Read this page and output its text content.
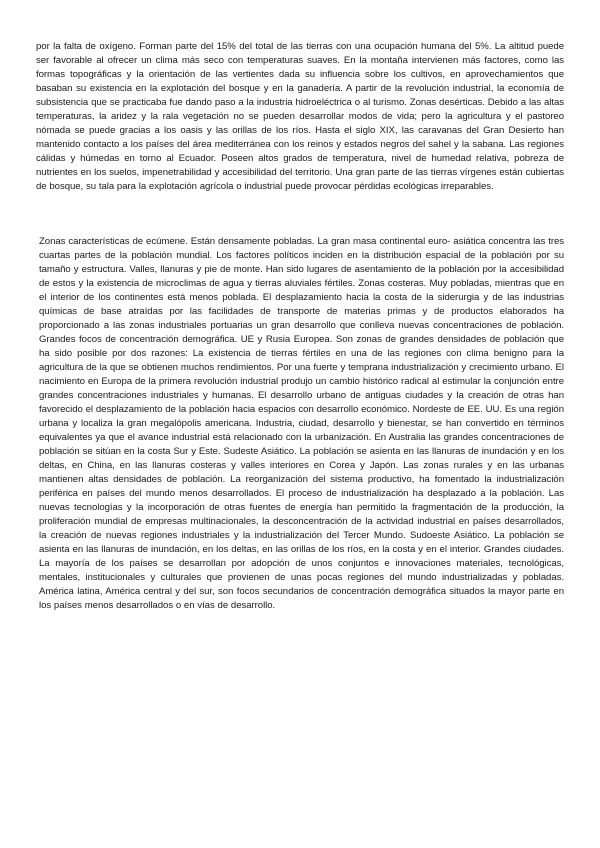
por la falta de oxígeno. Forman parte del 15% del total de las tierras con una ocupación humana del 5%. La altitud puede ser favorable al ofrecer un clima más seco con temperaturas suaves. En la montaña intervienen más factores, como las formas topográficas y la orientación de las vertientes dada su influencia sobre los cultivos, en aprovechamientos que basaban su existencia en la explotación del bosque y en la ganadería. A partir de la revolución industrial, la economía de subsistencia que se practicaba fue dando paso a la industria hidroeléctrica o al turismo. Zonas desérticas. Debido a las altas temperaturas, la aridez y la rala vegetación no se pueden desarrollar modos de vida; pero la agricultura y el pastoreo nómada se puede gracias a los oasis y las orillas de los ríos. Hasta el siglo XIX, las caravanas del Gran Desierto han mantenido contacto a los países del área mediterránea con los reinos y estados negros del sahel y la sabana. Las regiones cálidas y húmedas en torno al Ecuador. Poseen altos grados de temperatura, nivel de humedad relativa, pobreza de nutrientes en los suelos, impenetrabilidad y accesibilidad del territorio. Una gran parte de las tierras vírgenes están cubiertas de bosque, su tala para la explotación agrícola o industrial puede provocar pérdidas ecológicas irreparables.

Zonas características de ecúmene. Están densamente pobladas. La gran masa continental euro- asiática concentra las tres cuartas partes de la población mundial. Los factores políticos inciden en la distribución espacial de la población por su tamaño y estructura. Valles, llanuras y pie de monte. Han sido lugares de asentamiento de la población por la accesibilidad de estos y la existencia de microclimas de agua y tierras aluviales fértiles. Zonas costeras. Muy pobladas, mientras que en el interior de los continentes está menos poblada. El desplazamiento hacia la costa de la siderurgia y de las industrias químicas de base atraídas por las facilidades de transporte de materias primas y de productos elaborados ha proporcionado a las zonas industriales portuarias un gran desarrollo que conlleva nuevas concentraciones de población. Grandes focos de concentración demográfica. UE y Rusia Europea. Son zonas de grandes densidades de población que ha sido posible por dos razones: La existencia de tierras fértiles en una de las regiones con clima benigno para la agricultura de la que se obtienen muchos rendimientos. Por una fuerte y temprana industrialización y crecimiento urbano. El nacimiento en Europa de la primera revolución industrial produjo un cambio histórico radical al estimular la conjunción entre grandes concentraciones industriales y humanas. El desarrollo urbano de antiguas ciudades y la creación de otras han favorecido el desplazamiento de la población hacia espacios con desarrollo económico. Nordeste de EE. UU. Es una región urbana y localiza la gran megalópolis americana. Industria, ciudad, desarrollo y bienestar, se han convertido en términos equivalentes ya que el avance industrial está relacionado con la urbanización. En Australia las grandes concentraciones de población se sitúan en la costa Sur y Este. Sudeste Asiático. La población se asienta en las llanuras de inundación y en los deltas, en China, en las llanuras costeras y valles interiores en Corea y Japón. Las zonas rurales y en las urbanas mantienen altas densidades de población. La reorganización del sistema productivo, ha fomentado la industrialización periférica en países del mundo menos desarrollados. El proceso de industrialización ha desplazado a la población. Las nuevas tecnologías y la incorporación de otras fuentes de energía han permitido la fragmentación de la producción, la proliferación mundial de empresas multinacionales, la desconcentración de la actividad industrial en países desarrollados, la creación de nuevas regiones industriales y la industrialización del Tercer Mundo. Sudoeste Asiático. La población se asienta en las llanuras de inundación, en los deltas, en las orillas de los ríos, en la costa y en el interior. Grandes ciudades. La mayoría de los países se desarrollan por adopción de unos conjuntos e innovaciones materiales, tecnológicas, mentales, institucionales y culturales que provienen de unas pocas regiones del mundo industrializadas y pobladas. América latina, América central y del sur, son focos secundarios de concentración demográfica situados la mayor parte en los países menos desarrollados o en vías de desarrollo.
